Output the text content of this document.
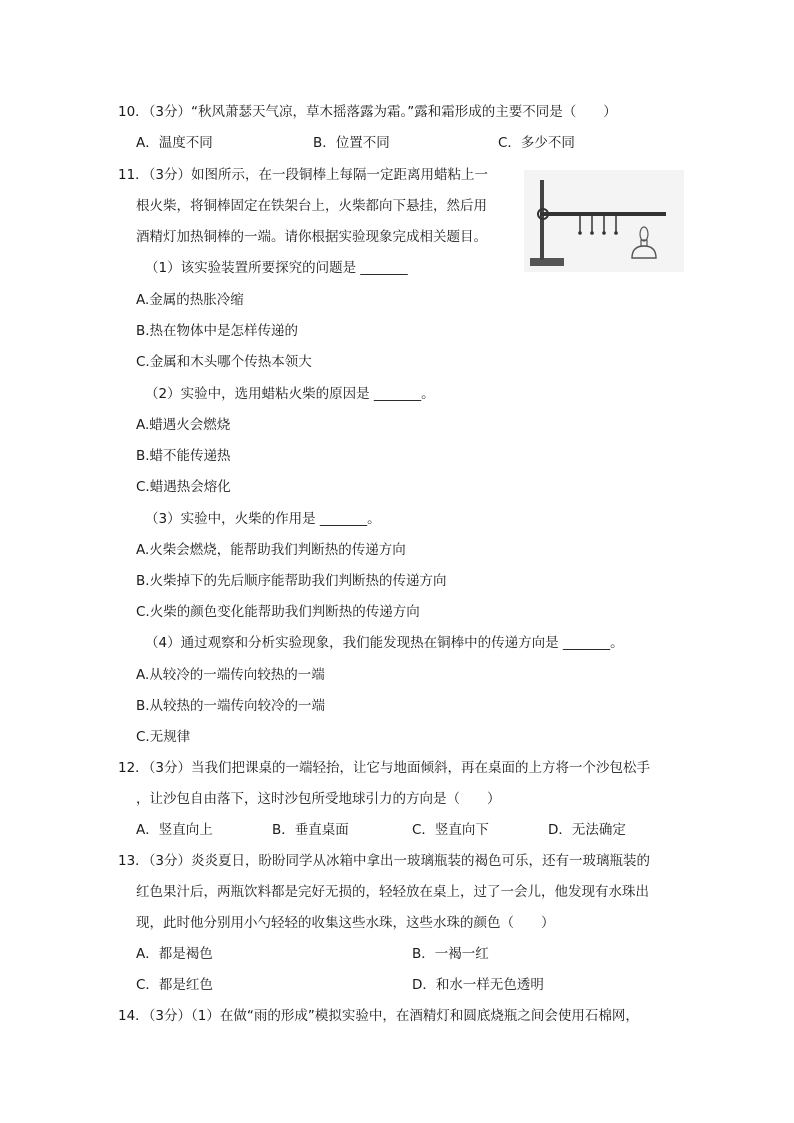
10．（3分）“秋风萧瑟天气凉，草木摇落露为霜。”露和霜形成的主要不同是（　　）
A．温度不同	B．位置不同	C．多少不同
11．（3分）如图所示，在一段铜棒上每隔一定距离用蜡粘上一
根火柴，将铜棒固定在铁架台上，火柴都向下悬挂，然后用
酒精灯加热铜棒的一端。请你根据实验现象完成相关题目。
（1）该实验装置所要探究的问题是 _______
A.金属的热胀冷缩
B.热在物体中是怎样传递的
C.金属和木头哪个传热本领大
（2）实验中，选用蜡粘火柴的原因是 _______。
A.蜡遇火会燃烧
B.蜡不能传递热
C.蜡遇热会熔化
（3）实验中，火柴的作用是 _______。
A.火柴会燃烧，能帮助我们判断热的传递方向
B.火柴掉下的先后顺序能帮助我们判断热的传递方向
C.火柴的颜色变化能帮助我们判断热的传递方向
（4）通过观察和分析实验现象，我们能发现热在铜棒中的传递方向是 _______。
A.从较冷的一端传向较热的一端
B.从较热的一端传向较冷的一端
C.无规律
12．（3分）当我们把课桌的一端轻抬，让它与地面倾斜，再在桌面的上方将一个沙包松手
，让沙包自由落下，这时沙包所受地球引力的方向是（　　）
A．竖直向上	B．垂直桌面	C．竖直向下	D．无法确定
13．（3分）炎炎夏日，盼盼同学从冰箱中拿出一玻璃瓶装的褐色可乐，还有一玻璃瓶装的
红色果汁后，两瓶饮料都是完好无损的，轻轻放在桌上，过了一会儿，他发现有水珠出
现，此时他分别用小勺轻轻的收集这些水珠，这些水珠的颜色（　　）
A．都是褐色	B．一褐一红
C．都是红色	D．和水一样无色透明
14．（3分）（1）在做“雨的形成”模拟实验中，在酒精灯和圆底烧瓶之间会使用石棉网，
